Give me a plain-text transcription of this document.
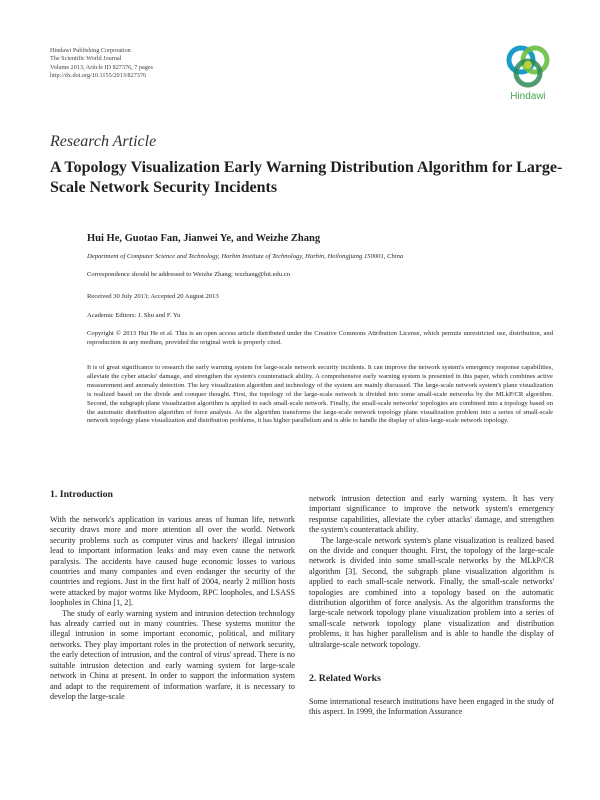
Hindawi Publishing Corporation
The Scientific World Journal
Volume 2013, Article ID 827376, 7 pages
http://dx.doi.org/10.1155/2013/827376
Hindawi
Research Article
A Topology Visualization Early Warning Distribution Algorithm for Large-Scale Network Security Incidents
Hui He, Guotao Fan, Jianwei Ye, and Weizhe Zhang
Department of Computer Science and Technology, Harbin Institute of Technology, Harbin, Heilongjiang 150001, China
Correspondence should be addressed to Weizhe Zhang; wzzhang@hit.edu.cn
Received 30 July 2013; Accepted 20 August 2013
Academic Editors: J. Shu and F. Yu
Copyright © 2013 Hui He et al. This is an open access article distributed under the Creative Commons Attribution License, which permits unrestricted use, distribution, and reproduction in any medium, provided the original work is properly cited.
It is of great significance to research the early warning system for large-scale network security incidents. It can improve the network system's emergency response capabilities, alleviate the cyber attacks' damage, and strengthen the system's counterattack ability. A comprehensive early warning system is presented in this paper, which combines active measurement and anomaly detection. The key visualization algorithm and technology of the system are mainly discussed. The large-scale network system's plane visualization is realized based on the divide and conquer thought. First, the topology of the large-scale network is divided into some small-scale networks by the MLkP/CR algorithm. Second, the subgraph plane visualization algorithm is applied to each small-scale network. Finally, the small-scale networks' topologies are combined into a topology based on the automatic distribution algorithm of force analysis. As the algorithm transforms the large-scale network topology plane visualization problem into a series of small-scale network topology plane visualization and distribution problems, it has higher parallelism and is able to handle the display of ultra-large-scale network topology.
1. Introduction

With the network's application in various areas of human life, network security draws more and more attention all over the world. Network security problems such as computer virus and hackers' illegal intrusion lead to important information leaks and may even cause the network paralysis. The accidents have caused huge economic losses to various countries and many companies and even endanger the security of the countries and regions. Just in the first half of 2004, nearly 2 million hosts were attacked by major worms like Mydoom, RPC loopholes, and LSASS loopholes in China [1, 2].

The study of early warning system and intrusion detection technology has already carried out in many countries. These systems monitor the illegal intrusion in some important economic, political, and military networks. They play important roles in the protection of network security, the early detection of intrusion, and the control of virus' spread. There is no suitable intrusion detection and early warning system for large-scale network in China at present. In order to support the information system and adapt to the requirement of information warfare, it is necessary to develop the large-scale

network intrusion detection and early warning system. It has very important significance to improve the network system's emergency response capabilities, alleviate the cyber attacks' damage, and strengthen the system's counterattack ability.

The large-scale network system's plane visualization is realized based on the divide and conquer thought. First, the topology of the large-scale network is divided into some small-scale networks by the MLkP/CR algorithm [3]. Second, the subgraph plane visualization algorithm is applied to each small-scale network. Finally, the small-scale networks' topologies are combined into a topology based on the automatic distribution algorithm of force analysis. As the algorithm transforms the large-scale network topology plane visualization problem into a series of small-scale network topology plane visualization and distribution problems, it has higher parallelism and is able to handle the display of ultralarge-scale network topology.

2. Related Works

Some international research institutions have been engaged in the study of this aspect. In 1999, the Information Assurance
